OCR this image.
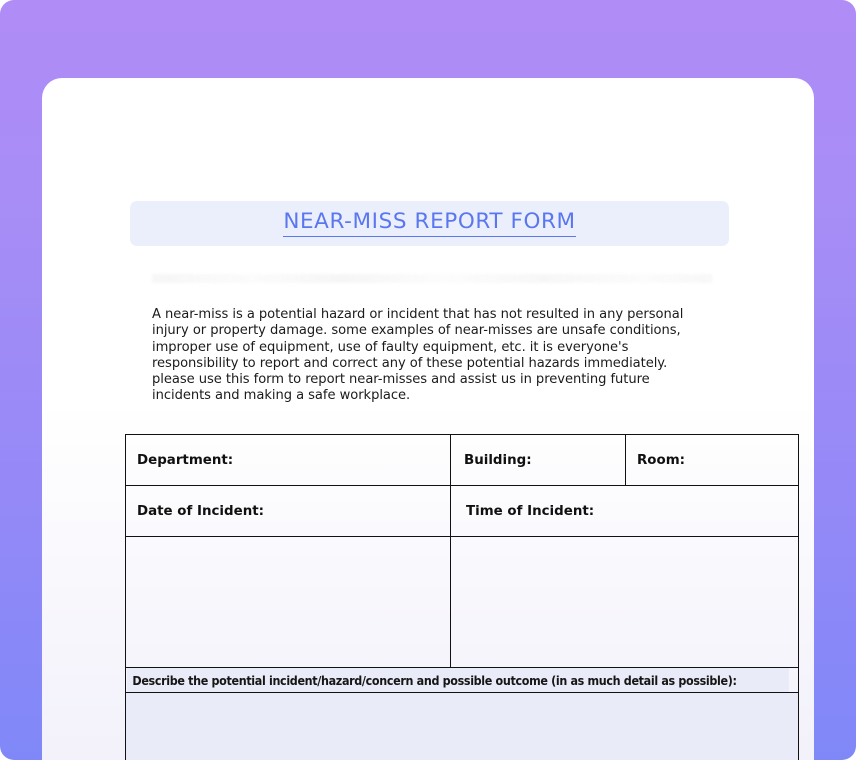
NEAR-MISS REPORT FORM

A near-miss is a potential hazard or incident that has not resulted in any personal injury or property damage. some examples of near-misses are unsafe conditions, improper use of equipment, use of faulty equipment, etc. it is everyone's responsibility to report and correct any of these potential hazards immediately. please use this form to report near-misses and assist us in preventing future incidents and making a safe workplace.

Department:	Building:	Room:
Date of Incident:	Time of Incident:	

Describe the potential incident/hazard/concern and possible outcome (in as much detail as possible):		
